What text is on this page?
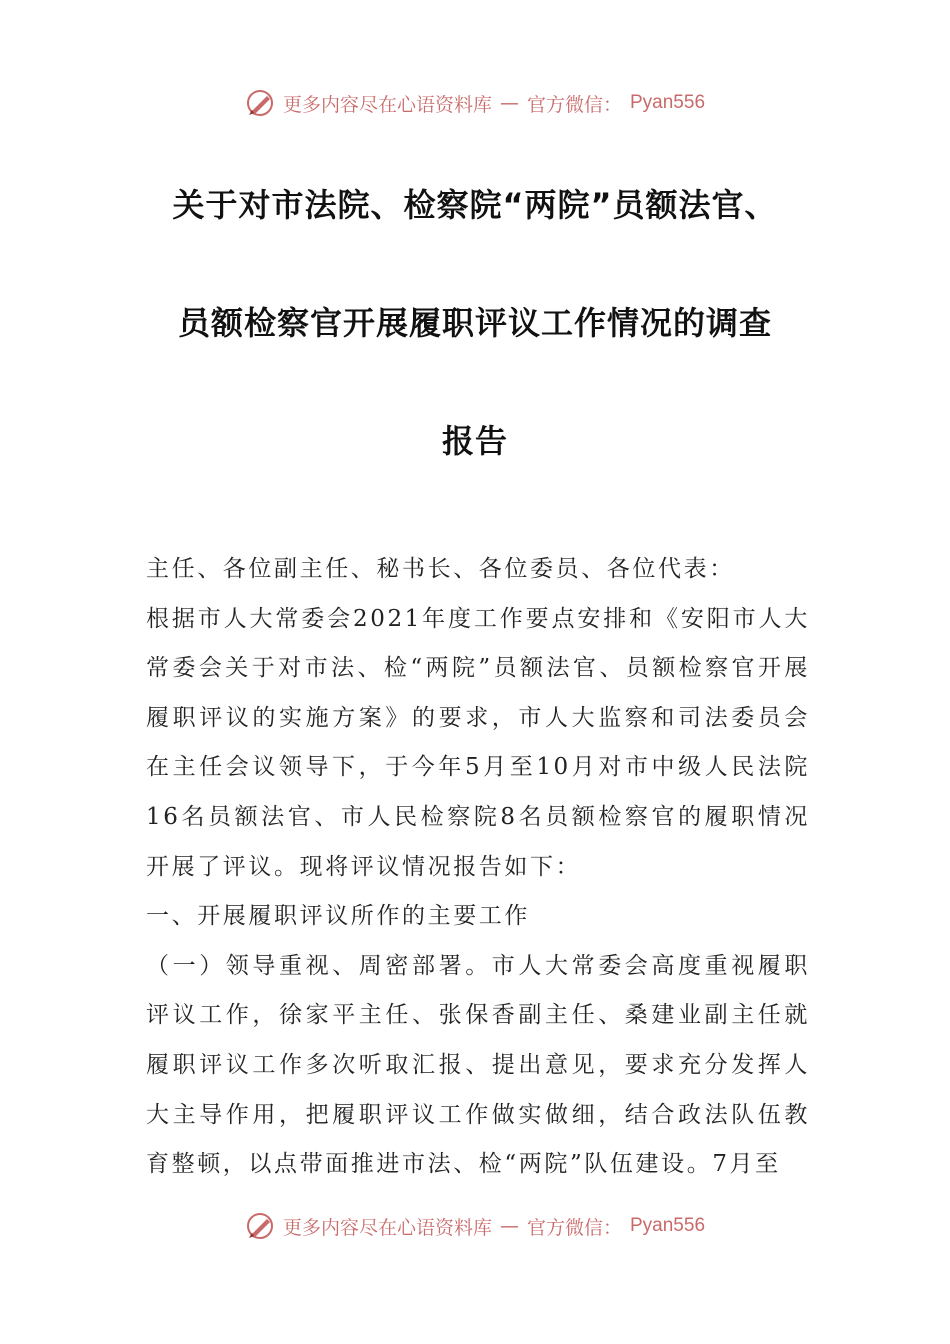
更多内容尽在心语资料库 — 官方微信： Pyan556
关于对市法院、检察院“两院”员额法官、
员额检察官开展履职评议工作情况的调查
报告

主任、各位副主任、秘书长、各位委员、各位代表：

根据市人大常委会2021年度工作要点安排和《安阳市人大常委会关于对市法、检“两院”员额法官、员额检察官开展履职评议的实施方案》的要求，市人大监察和司法委员会在主任会议领导下，于今年5月至10月对市中级人民法院16名员额法官、市人民检察院8名员额检察官的履职情况开展了评议。现将评议情况报告如下：

一、开展履职评议所作的主要工作

（一）领导重视、周密部署。市人大常委会高度重视履职评议工作，徐家平主任、张保香副主任、桑建业副主任就履职评议工作多次听取汇报、提出意见，要求充分发挥人大主导作用，把履职评议工作做实做细，结合政法队伍教育整顿，以点带面推进市法、检“两院”队伍建设。7月至

更多内容尽在心语资料库 — 官方微信： Pyan556
